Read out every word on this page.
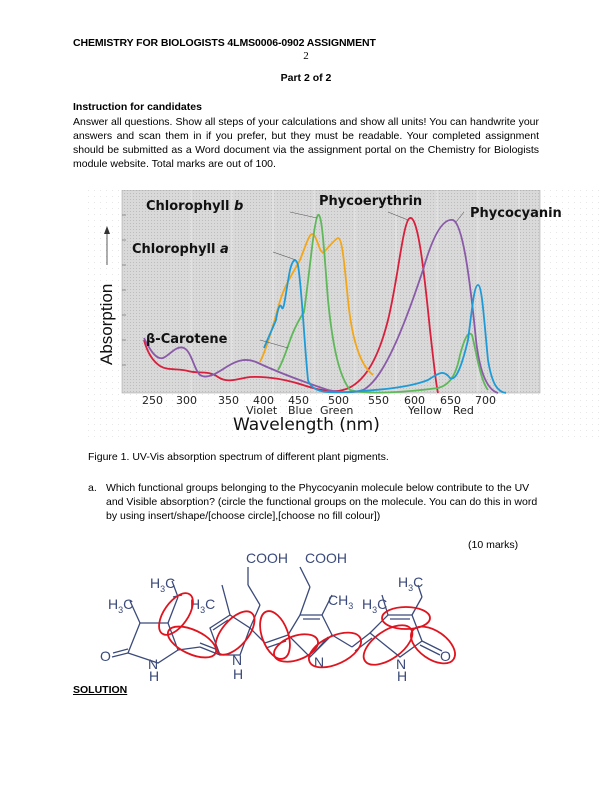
CHEMISTRY FOR BIOLOGISTS 4LMS0006-0902 ASSIGNMENT
2
Part 2 of 2
Instruction for candidates
Answer all questions. Show all steps of your calculations and show all units! You can handwrite your answers and scan them in if you prefer, but they must be readable. Your completed assignment should be submitted as a Word document via the assignment portal on the Chemistry for Biologists module website. Total marks are out of 100.
Chlorophyll b
Chlorophyll a
β-Carotene
Phycoerythrin
Phycocyanin
Absorption
250 300 350 400 450 500 550 600 650 700
Violet Blue Green	Yellow Red
Wavelength (nm)
Figure 1. UV-Vis absorption spectrum of different plant pigments.
a. Which functional groups belonging to the Phycocyanin molecule below contribute to the UV and Visible absorption? (circle the functional groups on the molecule. You can do this in word by using insert/shape/[choose circle],[choose no fill colour])
(10 marks)
COOH COOH
$H_3C$
$H_3C$	$H_3C$	$CH_3$ $H_3C$
$H_3C$
O	O
N
H
N
H
N	N
H
SOLUTION
